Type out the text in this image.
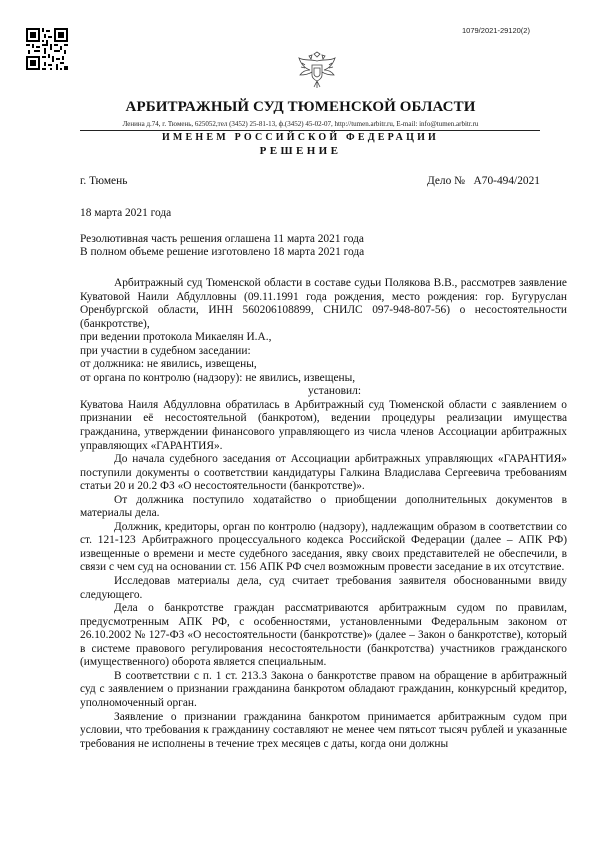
1079/2021-29120(2)
АРБИТРАЖНЫЙ СУД ТЮМЕНСКОЙ ОБЛАСТИ
Ленина д.74, г. Тюмень, 625052,тел (3452) 25-81-13, ф.(3452) 45-02-07, http://tumen.arbitr.ru, E-mail: info@tumen.arbitr.ru
ИМЕНЕМ РОССИЙСКОЙ ФЕДЕРАЦИИ
РЕШЕНИЕ
г. Тюмень	Дело №   А70-494/2021
18 марта 2021 года
Резолютивная часть решения оглашена 11 марта 2021 года
В полном объеме решение изготовлено 18 марта 2021 года

Арбитражный суд Тюменской области в составе судьи Полякова В.В., рассмотрев заявление Куватовой Наили Абдулловны (09.11.1991 года рождения, место рождения: гор. Бугуруслан Оренбургской области, ИНН 560206108899, СНИЛС 097-948-807-56) о несостоятельности (банкротстве),

при ведении протокола Микаелян И.А.,

при участии в судебном заседании:

от должника: не явились, извещены,

от органа по контролю (надзору): не явились, извещены,

установил:

Куватова Наиля Абдулловна обратилась в Арбитражный суд Тюменской области с заявлением о признании её несостоятельной (банкротом), ведении процедуры реализации имущества гражданина, утверждении финансового управляющего из числа членов Ассоциации арбитражных управляющих «ГАРАНТИЯ».

До начала судебного заседания от Ассоциации арбитражных управляющих «ГАРАНТИЯ» поступили документы о соответствии кандидатуры Галкина Владислава Сергеевича требованиям статьи 20 и 20.2 ФЗ «О несостоятельности (банкротстве)».

От должника поступило ходатайство о приобщении дополнительных документов в материалы дела.

Должник, кредиторы, орган по контролю (надзору), надлежащим образом в соответствии со ст. 121-123 Арбитражного процессуального кодекса Российской Федерации (далее – АПК РФ) извещенные о времени и месте судебного заседания, явку своих представителей не обеспечили, в связи с чем суд на основании ст. 156 АПК РФ счел возможным провести заседание в их отсутствие.

Исследовав материалы дела, суд считает требования заявителя обоснованными ввиду следующего.

Дела о банкротстве граждан рассматриваются арбитражным судом по правилам, предусмотренным АПК РФ, с особенностями, установленными Федеральным законом от 26.10.2002 № 127-ФЗ «О несостоятельности (банкротстве)» (далее – Закон о банкротстве), который в системе правового регулирования несостоятельности (банкротства) участников гражданского (имущественного) оборота является специальным.

В соответствии с п. 1 ст. 213.3 Закона о банкротстве правом на обращение в арбитражный суд с заявлением о признании гражданина банкротом обладают гражданин, конкурсный кредитор, уполномоченный орган.

Заявление о признании гражданина банкротом принимается арбитражным судом при условии, что требования к гражданину составляют не менее чем пятьсот тысяч рублей и указанные требования не исполнены в течение трех месяцев с даты, когда они должны
